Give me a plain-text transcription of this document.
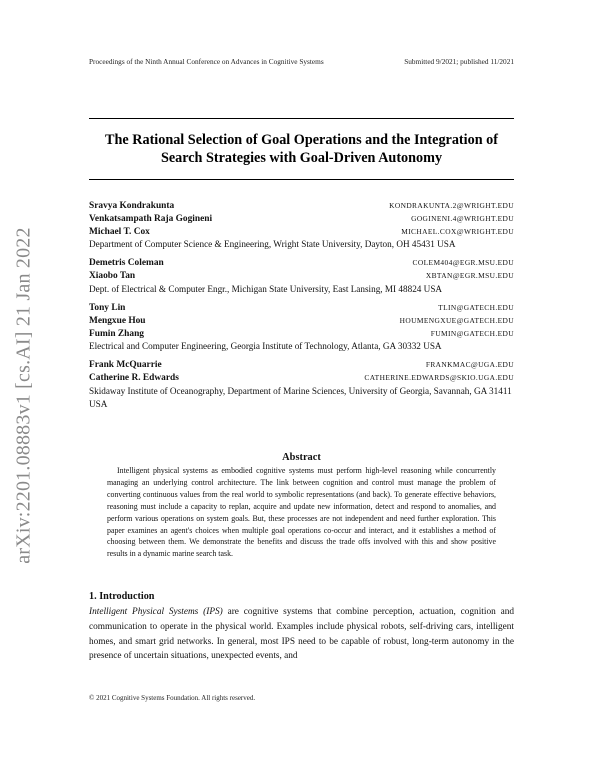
Proceedings of the Ninth Annual Conference on Advances in Cognitive Systems	Submitted 9/2021; published 11/2021
arXiv:2201.08883v1 [cs.AI] 21 Jan 2022
The Rational Selection of Goal Operations and the Integration of Search Strategies with Goal-Driven Autonomy
Sravya Kondrakunta	KONDRAKUNTA.2@WRIGHT.EDU
Venkatsampath Raja Gogineni	GOGINENI.4@WRIGHT.EDU
Michael T. Cox	MICHAEL.COX@WRIGHT.EDU
Department of Computer Science & Engineering, Wright State University, Dayton, OH 45431 USA
Demetris Coleman	COLEM404@EGR.MSU.EDU
Xiaobo Tan	XBTAN@EGR.MSU.EDU
Dept. of Electrical & Computer Engr., Michigan State University, East Lansing, MI 48824 USA
Tony Lin	TLIN@GATECH.EDU
Mengxue Hou	HOUMENGXUE@GATECH.EDU
Fumin Zhang	FUMIN@GATECH.EDU
Electrical and Computer Engineering, Georgia Institute of Technology, Atlanta, GA 30332 USA
Frank McQuarrie	FRANKMAC@UGA.EDU
Catherine R. Edwards	CATHERINE.EDWARDS@SKIO.UGA.EDU
Skidaway Institute of Oceanography, Department of Marine Sciences, University of Georgia, Savannah, GA 31411 USA
Abstract
Intelligent physical systems as embodied cognitive systems must perform high-level reasoning while concurrently managing an underlying control architecture. The link between cognition and control must manage the problem of converting continuous values from the real world to symbolic representations (and back). To generate effective behaviors, reasoning must include a capacity to replan, acquire and update new information, detect and respond to anomalies, and perform various operations on system goals. But, these processes are not independent and need further exploration. This paper examines an agent's choices when multiple goal operations co-occur and interact, and it establishes a method of choosing between them. We demonstrate the benefits and discuss the trade offs involved with this and show positive results in a dynamic marine search task.
1. Introduction
Intelligent Physical Systems (IPS) are cognitive systems that combine perception, actuation, cognition and communication to operate in the physical world. Examples include physical robots, self-driving cars, intelligent homes, and smart grid networks. In general, most IPS need to be capable of robust, long-term autonomy in the presence of uncertain situations, unexpected events, and
© 2021 Cognitive Systems Foundation. All rights reserved.
